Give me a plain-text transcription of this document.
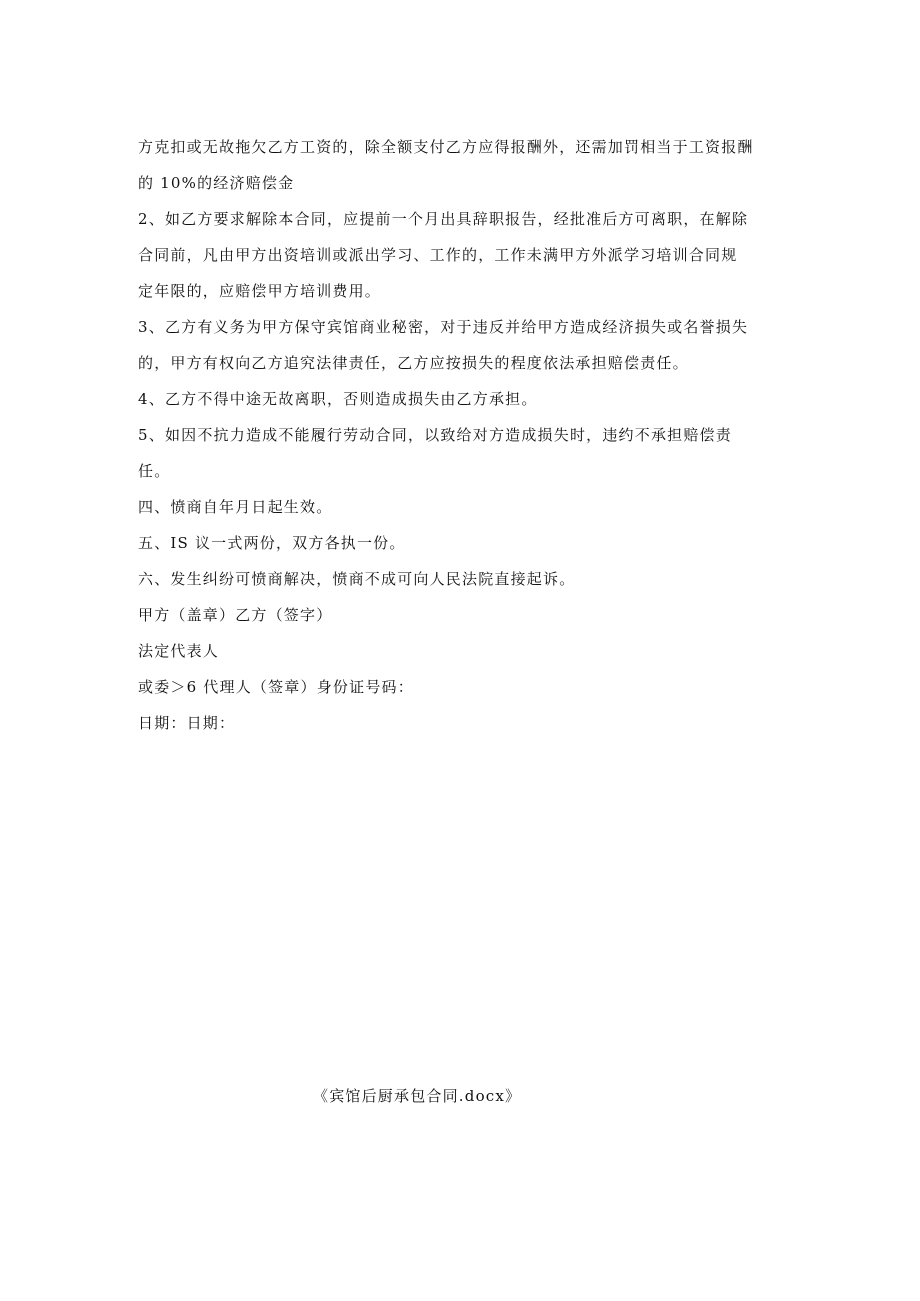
方克扣或无故拖欠乙方工资的，除全额支付乙方应得报酬外，还需加罚相当于工资报酬
的 10%的经济赔偿金
2、如乙方要求解除本合同，应提前一个月出具辞职报告，经批准后方可离职，在解除
合同前，凡由甲方出资培训或派出学习、工作的，工作未满甲方外派学习培训合同规
定年限的，应赔偿甲方培训费用。
3、乙方有义务为甲方保守宾馆商业秘密，对于违反并给甲方造成经济损失或名誉损失
的，甲方有权向乙方追究法律责任，乙方应按损失的程度依法承担赔偿责任。
4、乙方不得中途无故离职，否则造成损失由乙方承担。
5、如因不抗力造成不能履行劳动合同，以致给对方造成损失时，违约不承担赔偿责
任。
四、愤商自年月日起生效。
五、IS 议一式两份，双方各执一份。
六、发生纠纷可愤商解决，愤商不成可向人民法院直接起诉。
甲方（盖章）乙方（签字）
法定代表人
或委＞6 代理人（签章）身份证号码：
日期：日期：
《宾馆后厨承包合同.docx》
